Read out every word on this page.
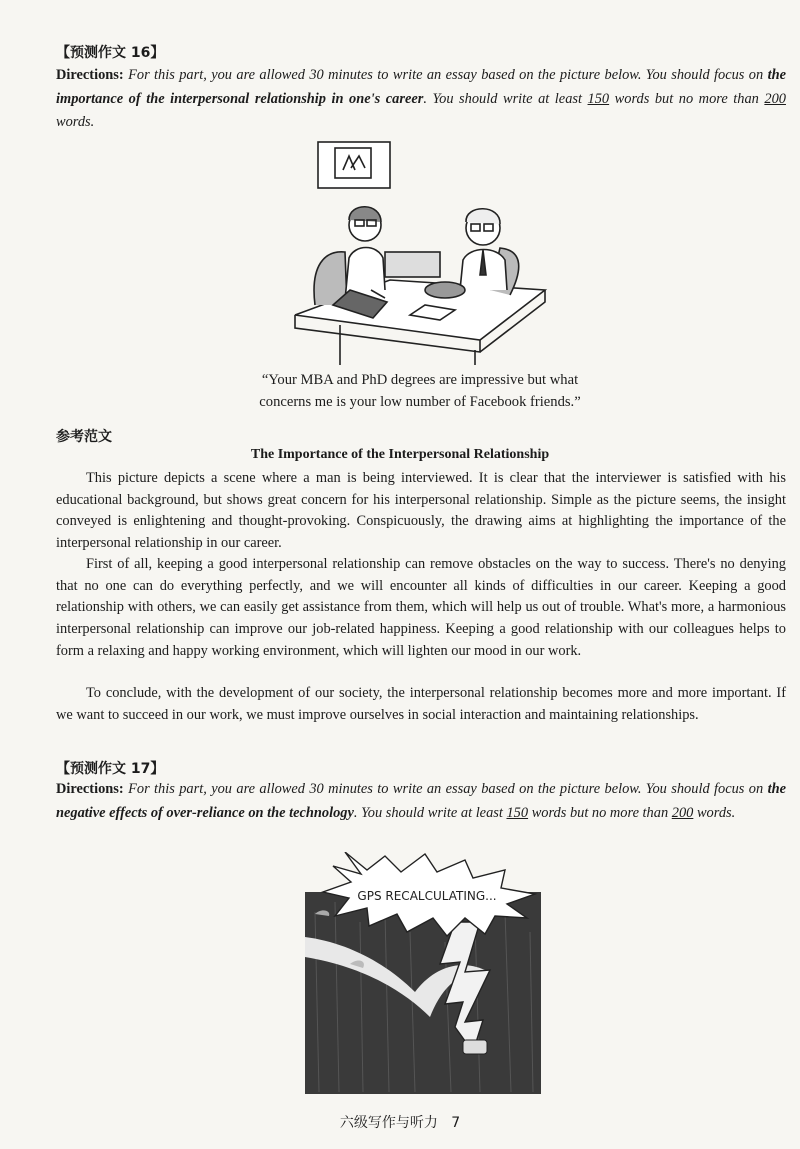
【预测作文 16】
Directions: For this part, you are allowed 30 minutes to write an essay based on the picture below. You should focus on the importance of the interpersonal relationship in one's career. You should write at least 150 words but no more than 200 words.
“Your MBA and PhD degrees are impressive but what
concerns me is your low number of Facebook friends.”
参考范文
The Importance of the Interpersonal Relationship
This picture depicts a scene where a man is being interviewed. It is clear that the interviewer is satisfied with his educational background, but shows great concern for his interpersonal relationship. Simple as the picture seems, the insight conveyed is enlightening and thought-provoking. Conspicuously, the drawing aims at highlighting the importance of the interpersonal relationship in our career.
First of all, keeping a good interpersonal relationship can remove obstacles on the way to success. There's no denying that no one can do everything perfectly, and we will encounter all kinds of difficulties in our career. Keeping a good relationship with others, we can easily get assistance from them, which will help us out of trouble. What's more, a harmonious interpersonal relationship can improve our job-related happiness. Keeping a good relationship with our colleagues helps to form a relaxing and happy working environment, which will lighten our mood in our work.
To conclude, with the development of our society, the interpersonal relationship becomes more and more important. If we want to succeed in our work, we must improve ourselves in social interaction and maintaining relationships.
【预测作文 17】
Directions: For this part, you are allowed 30 minutes to write an essay based on the picture below. You should focus on the negative effects of over-reliance on the technology. You should write at least 150 words but no more than 200 words.
GPS RECALCULATING...
六级写作与听力 7
